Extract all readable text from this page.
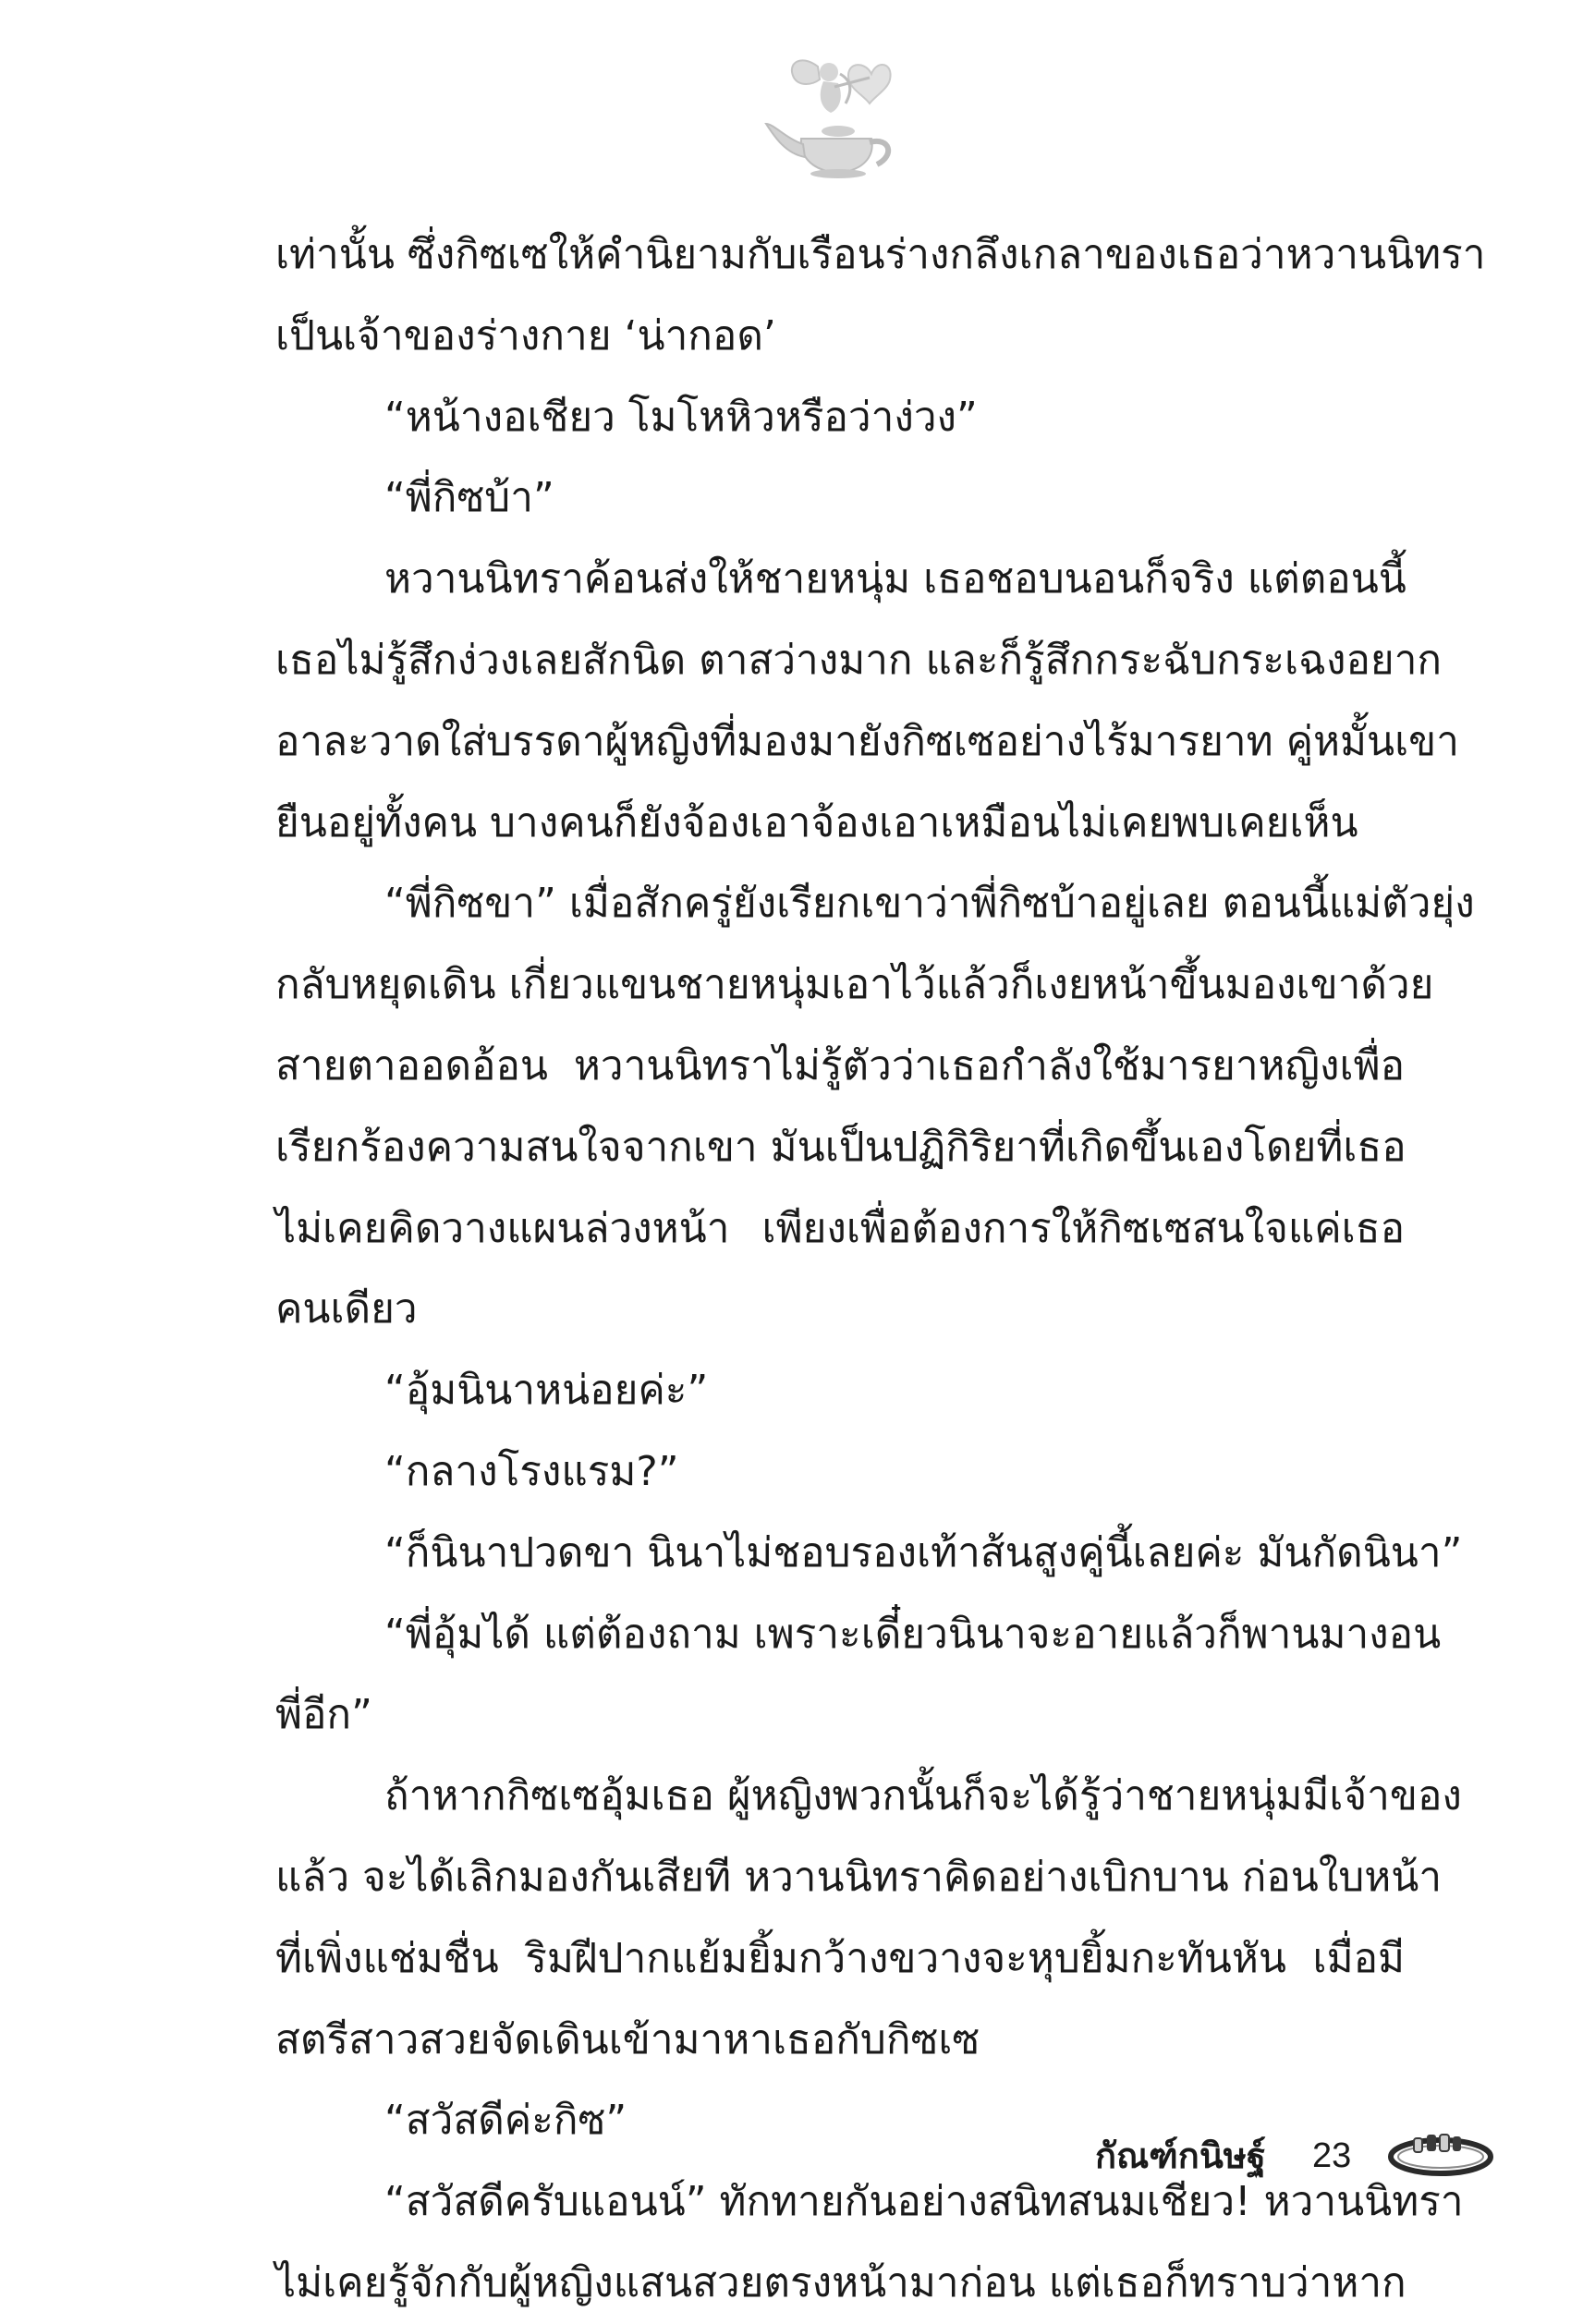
เท่านั้น ซึ่งกิซเซให้คำนิยามกับเรือนร่างกลึงเกลาของเธอว่าหวานนิทรา
เป็นเจ้าของร่างกาย ‘น่ากอด’
“หน้างอเชียว โมโหหิวหรือว่าง่วง”
“พี่กิซบ้า”
หวานนิทราค้อนส่งให้ชายหนุ่ม เธอชอบนอนก็จริง แต่ตอนนี้
เธอไม่รู้สึกง่วงเลยสักนิด ตาสว่างมาก และก็รู้สึกกระฉับกระเฉงอยาก
อาละวาดใส่บรรดาผู้หญิงที่มองมายังกิซเซอย่างไร้มารยาท คู่หมั้นเขา
ยืนอยู่ทั้งคน บางคนก็ยังจ้องเอาจ้องเอาเหมือนไม่เคยพบเคยเห็น
“พี่กิซขา” เมื่อสักครู่ยังเรียกเขาว่าพี่กิซบ้าอยู่เลย ตอนนี้แม่ตัวยุ่ง
กลับหยุดเดิน เกี่ยวแขนชายหนุ่มเอาไว้แล้วก็เงยหน้าขึ้นมองเขาด้วย
สายตาออดอ้อน หวานนิทราไม่รู้ตัวว่าเธอกำลังใช้มารยาหญิงเพื่อ
เรียกร้องความสนใจจากเขา มันเป็นปฏิกิริยาที่เกิดขึ้นเองโดยที่เธอ
ไม่เคยคิดวางแผนล่วงหน้า เพียงเพื่อต้องการให้กิซเซสนใจแค่เธอ
คนเดียว
“อุ้มนินาหน่อยค่ะ”
“กลางโรงแรม?”
“ก็นินาปวดขา นินาไม่ชอบรองเท้าส้นสูงคู่นี้เลยค่ะ มันกัดนินา”
“พี่อุ้มได้ แต่ต้องถาม เพราะเดี๋ยวนินาจะอายแล้วก็พานมางอน
พี่อีก”
ถ้าหากกิซเซอุ้มเธอ ผู้หญิงพวกนั้นก็จะได้รู้ว่าชายหนุ่มมีเจ้าของ
แล้ว จะได้เลิกมองกันเสียที หวานนิทราคิดอย่างเบิกบาน ก่อนใบหน้า
ที่เพิ่งแช่มชื่น ริมฝีปากแย้มยิ้มกว้างขวางจะหุบยิ้มกะทันหัน เมื่อมี
สตรีสาวสวยจัดเดินเข้ามาหาเธอกับกิซเซ
“สวัสดีค่ะกิซ”
“สวัสดีครับแอนน์” ทักทายกันอย่างสนิทสนมเชียว! หวานนิทรา
ไม่เคยรู้จักกับผู้หญิงแสนสวยตรงหน้ามาก่อน แต่เธอก็ทราบว่าหาก
กัณฑ์กนิษฐ์ 23
